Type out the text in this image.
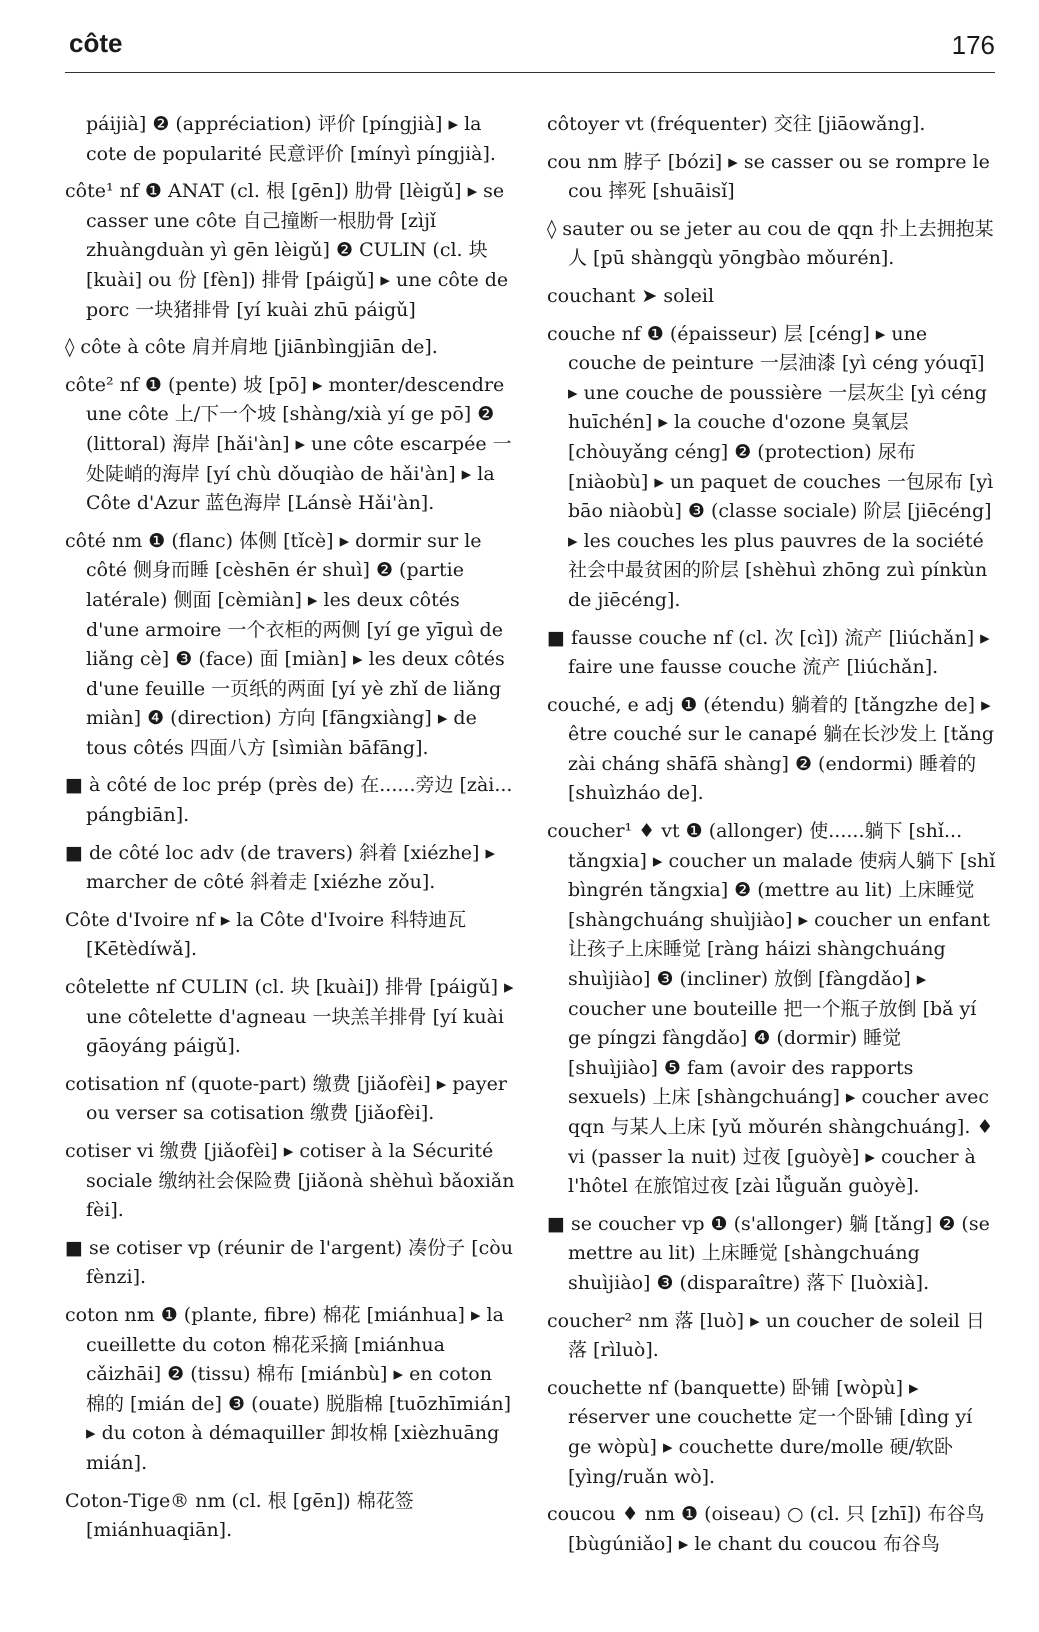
côte	176

páijià] ❷ (appréciation) 评价 [píngjià] ▸ la cote de popularité 民意评价 [mínyì píngjià].

côte¹ nf ❶ ANAT (cl. 根 [gēn]) 肋骨 [lèigǔ] ▸ se casser une côte 自己撞断一根肋骨 [zìjǐ zhuàngduàn yì gēn lèigǔ] ❷ CULIN (cl. 块 [kuài] ou 份 [fèn]) 排骨 [páigǔ] ▸ une côte de porc 一块猪排骨 [yí kuài zhū páigǔ]

◊ côte à côte 肩并肩地 [jiānbìngjiān de].

côte² nf ❶ (pente) 坡 [pō] ▸ monter/descendre une côte 上/下一个坡 [shàng/xià yí ge pō] ❷ (littoral) 海岸 [hǎi'àn] ▸ une côte escarpée 一处陡峭的海岸 [yí chù dǒuqiào de hǎi'àn] ▸ la Côte d'Azur 蓝色海岸 [Lánsè Hǎi'àn].

côté nm ❶ (flanc) 体侧 [tǐcè] ▸ dormir sur le côté 侧身而睡 [cèshēn ér shuì] ❷ (partie latérale) 侧面 [cèmiàn] ▸ les deux côtés d'une armoire 一个衣柜的两侧 [yí ge yīguì de liǎng cè] ❸ (face) 面 [miàn] ▸ les deux côtés d'une feuille 一页纸的两面 [yí yè zhǐ de liǎng miàn] ❹ (direction) 方向 [fāngxiàng] ▸ de tous côtés 四面八方 [sìmiàn bāfāng].

■ à côté de loc prép (près de) 在......旁边 [zài... pángbiān].

■ de côté loc adv (de travers) 斜着 [xiézhe] ▸ marcher de côté 斜着走 [xiézhe zǒu].

Côte d'Ivoire nf ▸ la Côte d'Ivoire 科特迪瓦 [Kētèdíwǎ].

côtelette nf CULIN (cl. 块 [kuài]) 排骨 [páigǔ] ▸ une côtelette d'agneau 一块羔羊排骨 [yí kuài gāoyáng páigǔ].

cotisation nf (quote-part) 缴费 [jiǎofèi] ▸ payer ou verser sa cotisation 缴费 [jiǎofèi].

cotiser vi 缴费 [jiǎofèi] ▸ cotiser à la Sécurité sociale 缴纳社会保险费 [jiǎonà shèhuì bǎoxiǎn fèi].

■ se cotiser vp (réunir de l'argent) 凑份子 [còu fènzi].

coton nm ❶ (plante, fibre) 棉花 [miánhua] ▸ la cueillette du coton 棉花采摘 [miánhua cǎizhāi] ❷ (tissu) 棉布 [miánbù] ▸ en coton 棉的 [mián de] ❸ (ouate) 脱脂棉 [tuōzhīmián] ▸ du coton à démaquiller 卸妆棉 [xièzhuāng mián].

Coton-Tige® nm (cl. 根 [gēn]) 棉花签 [miánhuaqiān].

côtoyer vt (fréquenter) 交往 [jiāowǎng].

cou nm 脖子 [bózi] ▸ se casser ou se rompre le cou 摔死 [shuāisǐ]

◊ sauter ou se jeter au cou de qqn 扑上去拥抱某人 [pū shàngqù yōngbào mǒurén].

couchant ➤ soleil

couche nf ❶ (épaisseur) 层 [céng] ▸ une couche de peinture 一层油漆 [yì céng yóuqī] ▸ une couche de poussière 一层灰尘 [yì céng huīchén] ▸ la couche d'ozone 臭氧层 [chòuyǎng céng] ❷ (protection) 尿布 [niàobù] ▸ un paquet de couches 一包尿布 [yì bāo niàobù] ❸ (classe sociale) 阶层 [jiēcéng] ▸ les couches les plus pauvres de la société 社会中最贫困的阶层 [shèhuì zhōng zuì pínkùn de jiēcéng].

■ fausse couche nf (cl. 次 [cì]) 流产 [liúchǎn] ▸ faire une fausse couche 流产 [liúchǎn].

couché, e adj ❶ (étendu) 躺着的 [tǎngzhe de] ▸ être couché sur le canapé 躺在长沙发上 [tǎng zài cháng shāfā shàng] ❷ (endormi) 睡着的 [shuìzháo de].

coucher¹ ♦ vt ❶ (allonger) 使......躺下 [shǐ... tǎngxia] ▸ coucher un malade 使病人躺下 [shǐ bìngrén tǎngxia] ❷ (mettre au lit) 上床睡觉 [shàngchuáng shuìjiào] ▸ coucher un enfant 让孩子上床睡觉 [ràng háizi shàngchuáng shuìjiào] ❸ (incliner) 放倒 [fàngdǎo] ▸ coucher une bouteille 把一个瓶子放倒 [bǎ yí ge píngzi fàngdǎo] ❹ (dormir) 睡觉 [shuìjiào] ❺ fam (avoir des rapports sexuels) 上床 [shàngchuáng] ▸ coucher avec qqn 与某人上床 [yǔ mǒurén shàngchuáng]. ♦ vi (passer la nuit) 过夜 [guòyè] ▸ coucher à l'hôtel 在旅馆过夜 [zài lǚguǎn guòyè].

■ se coucher vp ❶ (s'allonger) 躺 [tǎng] ❷ (se mettre au lit) 上床睡觉 [shàngchuáng shuìjiào] ❸ (disparaître) 落下 [luòxià].

coucher² nm 落 [luò] ▸ un coucher de soleil 日落 [rìluò].

couchette nf (banquette) 卧铺 [wòpù] ▸ réserver une couchette 定一个卧铺 [dìng yí ge wòpù] ▸ couchette dure/molle 硬/软卧 [yìng/ruǎn wò].

coucou ♦ nm ❶ (oiseau) ○ (cl. 只 [zhī]) 布谷鸟 [bùgúniǎo] ▸ le chant du coucou 布谷鸟
